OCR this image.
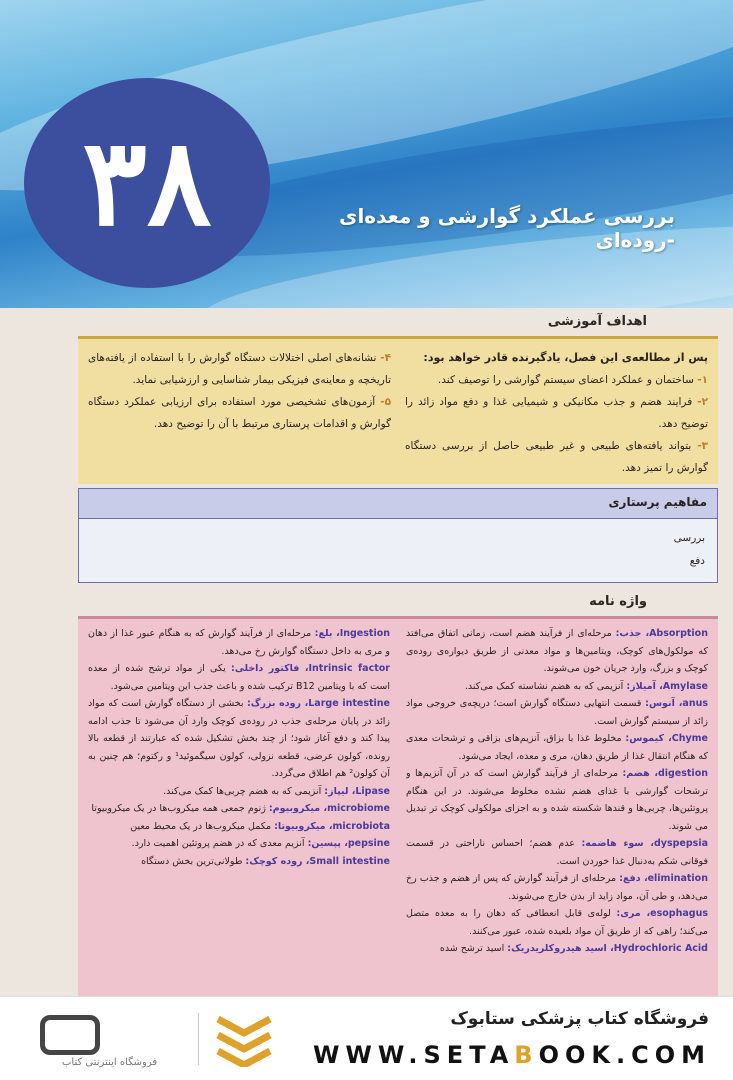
۳۸	بررسی عملکرد گوارشی و معده‌ای -روده‌ای
اهداف آموزشی
پس از مطالعه‌ی این فصل، یادگیرنده قادر خواهد بود:
۱- ساختمان و عملکرد اعضای سیستم گوارشی را توصیف کند.
۲- فرایند هضم و جذب مکانیکی و شیمیایی غذا و دفع مواد زائد را توضیح دهد.
۳- بتواند یافته‌های طبیعی و غیر طبیعی حاصل از بررسی دستگاه گوارش را تمیز دهد.
۴- نشانه‌های اصلی اختلالات دستگاه گوارش را با استفاده از یافته‌های تاریخچه و معاینه‌ی فیزیکی بیمار شناسایی و ارزشیابی نماید.
۵- آزمون‌های تشخیصی مورد استفاده برای ارزیابی عملکرد دستگاه گوارش و اقدامات پرستاری مرتبط با آن را توضیح دهد.
مفاهیم پرستاری
بررسی
دفع
واژه نامه
Absorption، جذب: مرحله‌ای از فرآیند هضم است، زمانی اتفاق می‌افتد که مولکول‌های کوچک، ویتامین‌ها و مواد معدنی از طریق دیواره‌ی روده‌ی کوچک و بزرگ، وارد جریان خون می‌شوند.
Amylase، آمیلاز: آنزیمی که به هضم نشاسته کمک می‌کند.
anus، آنوس: قسمت انتهایی دستگاه گوارش است؛ دریچه‌ی خروجی مواد زائد از سیستم گوارش است.
Chyme، کیموس: مخلوط غذا با بزاق، آنزیم‌های بزاقی و ترشحات معدی که هنگام انتقال غذا از طریق دهان، مری و معده، ایجاد می‌شود.
digestion، هضم: مرحله‌ای از فرآیند گوارش است که در آن آنزیم‌ها و ترشحات گوارشی با غذای هضم نشده مخلوط می‌شوند. در این هنگام پروتئین‌ها، چربی‌ها و قندها شکسته شده و به اجزای مولکولی کوچک تر تبدیل می شوند.
dyspepsia، سوء هاضمه: عدم هضم؛ احساس ناراحتی در قسمت فوقانی شکم به‌دنبال غذا خوردن است.
elimination، دفع: مرحله‌ای از فرآیند گوارش که پس از هضم و جذب رخ می‌دهد، و طی آن، مواد زاید از بدن خارج می‌شوند.
esophagus، مری: لوله‌ی قابل انعطافی که دهان را به معده متصل می‌کند؛ راهی که از طریق آن مواد بلعیده شده، عبور می‌کنند.
Hydrochloric Acid، اسید هیدروکلریدریک: اسید ترشح شده
Ingestion، بلع: مرحله‌ای از فرآیند گوارش که به هنگام عبور غذا از دهان و مری به داخل دستگاه گوارش رخ می‌دهد.
Intrinsic factor، فاکتور داخلی: یکی از مواد ترشح شده از معده است که با ویتامین B12 ترکیب شده و باعث جذب این ویتامین می‌شود.
Large intestine، روده بزرگ: بخشی از دستگاه گوارش است که مواد زائد در پایان مرحله‌ی جذب در روده‌ی کوچک وارد آن می‌شود تا جذب ادامه پیدا کند و دفع آغاز شود؛ از چند بخش تشکیل شده که عبارتند از قطعه بالا رونده، کولون عرضی، قطعه نزولی، کولون سیگموئید¹ و رکتوم؛ هم چنین به آن کولون² هم اطلاق می‌گردد.
Lipase، لیپاز: آنزیمی که به هضم چربی‌ها کمک می‌کند.
microbiome، میکروبیوم: ژنوم جمعی همه میکروب‌ها در یک میکروبیوتا
microbiota، میکروبیوتا: مکمل میکروب‌ها در یک محیط معین
pepsine، پپسین: آنزیم معدی که در هضم پروتئین اهمیت دارد.
Small intestine، روده کوچک: طولانی‌ترین بخش دستگاه
فروشگاه اینترنتی کتاب
فروشگاه کتاب پزشکی ستابوک
WWW.SETABOOK.COM
